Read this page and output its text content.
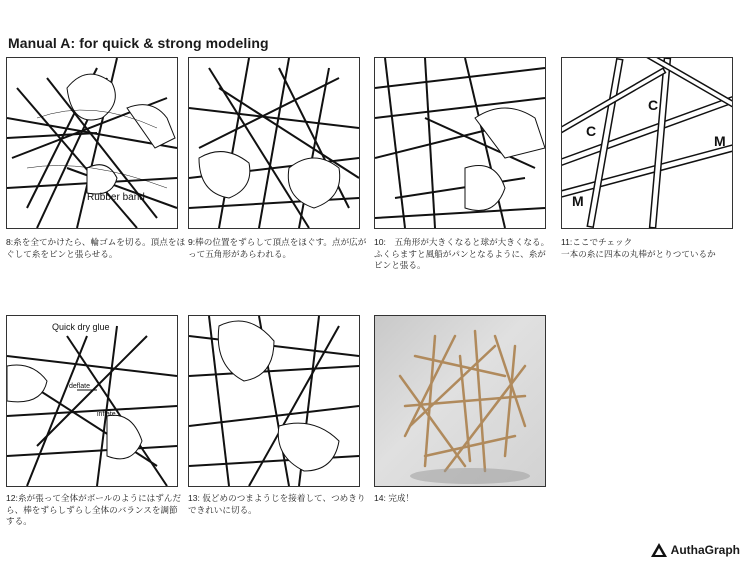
Manual A: for quick & strong modeling
Rubber band
8:糸を全てかけたら、輪ゴムを切る。頂点をほぐして糸をピンと張らせる。
9:棒の位置をずらして頂点をほぐす。点が広がって五角形があらわれる。
10:　五角形が大きくなると球が大きくなる。ふくらますと風船がパンとなるように、糸がピンと張る。
C
C
M
M
11:ここでチェック
一本の糸に四本の丸棒がとりつているか
Quick dry glue
deflate
inflate
12:糸が張って全体がボールのようにはずんだら、棒をずらしずらし全体のバランスを調節する。
13: 仮どめのつまようじを接着して、つめきりできれいに切る。
14: 完成！
AuthaGraph
